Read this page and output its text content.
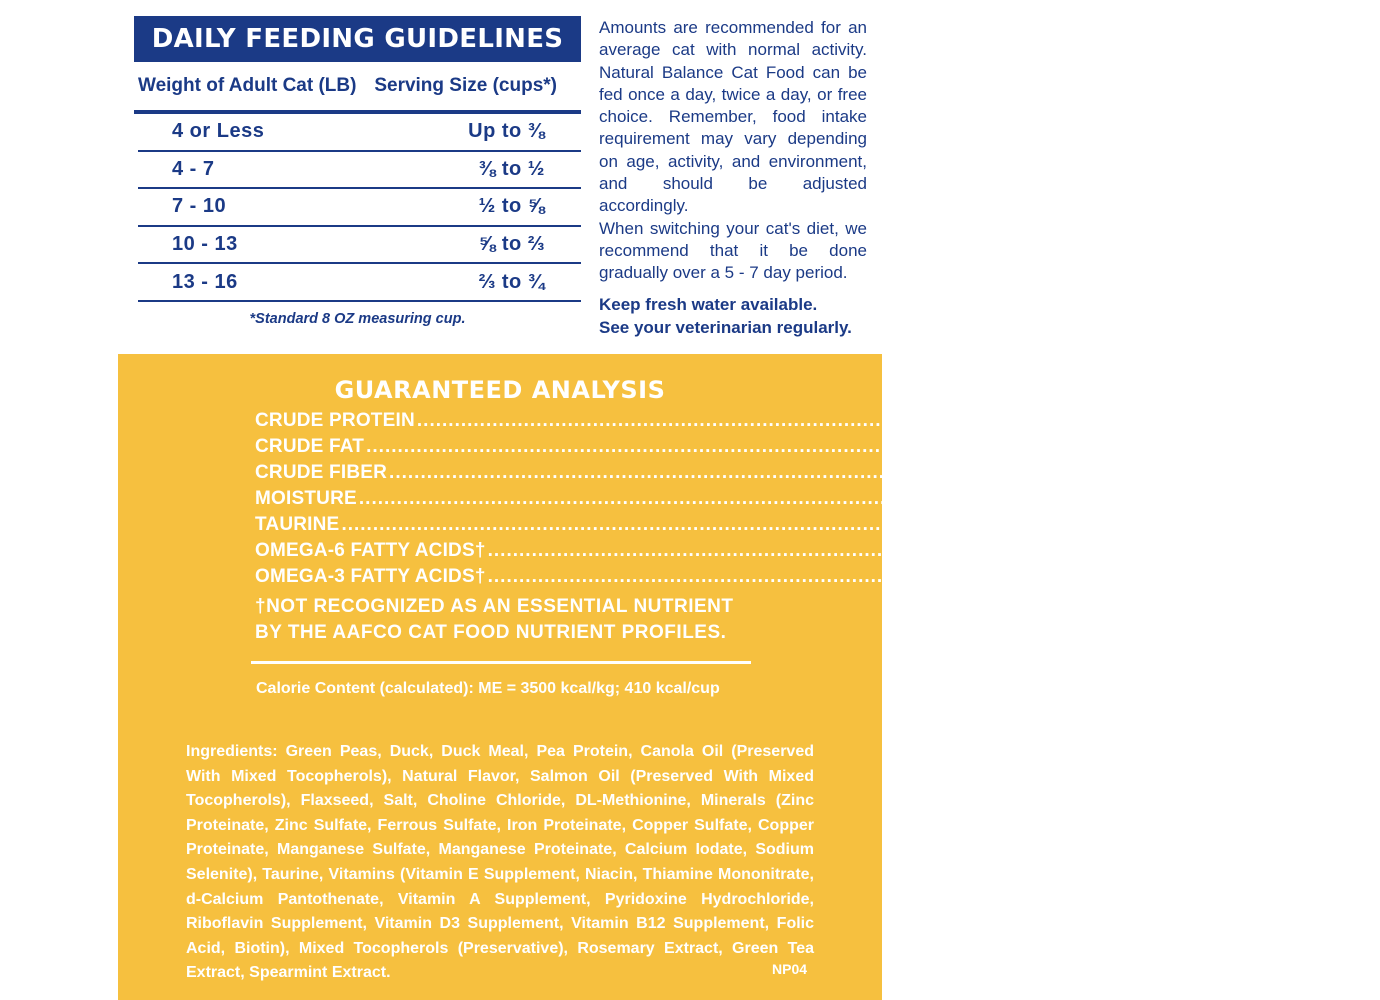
DAILY FEEDING GUIDELINES
Weight of Adult Cat (LB) Serving Size (cups*)
4 or Less	Up to ⅜
4 - 7	⅜ to ½
7 - 10	½ to ⅝
10 - 13	⅝ to ⅔
13 - 16	⅔ to ¾
*Standard 8 OZ measuring cup.

Amounts are recommended for an average cat with normal activity. Natural Balance Cat Food can be fed once a day, twice a day, or free choice. Remember, food intake requirement may vary depending on age, activity, and environment, and should be adjusted accordingly.

When switching your cat's diet, we recommend that it be done gradually over a 5 - 7 day period.

Keep fresh water available.

See your veterinarian regularly.

GUARANTEED ANALYSIS
CRUDE PROTEIN ........................................................................................................................ 29.5% MINIMUM
CRUDE FAT ........................................................................................................................ 11.5% MINIMUM
CRUDE FIBER ........................................................................................................................ 5.0% MAXIMUM
MOISTURE ........................................................................................................................ 10.0% MAXIMUM
TAURINE ........................................................................................................................ 0.16% MINIMUM
OMEGA-6 FATTY ACIDS† ........................................................................................................................ 1.5% MINIMUM
OMEGA-3 FATTY ACIDS† ........................................................................................................................ 0.5% MINIMUM
†NOT RECOGNIZED AS AN ESSENTIAL NUTRIENT BY THE AAFCO CAT FOOD NUTRIENT PROFILES.
Calorie Content (calculated): ME = 3500 kcal/kg; 410 kcal/cup
Ingredients: Green Peas, Duck, Duck Meal, Pea Protein, Canola Oil (Preserved With Mixed Tocopherols), Natural Flavor, Salmon Oil (Preserved With Mixed Tocopherols), Flaxseed, Salt, Choline Chloride, DL-Methionine, Minerals (Zinc Proteinate, Zinc Sulfate, Ferrous Sulfate, Iron Proteinate, Copper Sulfate, Copper Proteinate, Manganese Sulfate, Manganese Proteinate, Calcium Iodate, Sodium Selenite), Taurine, Vitamins (Vitamin E Supplement, Niacin, Thiamine Mononitrate, d-Calcium Pantothenate, Vitamin A Supplement, Pyridoxine Hydrochloride, Riboflavin Supplement, Vitamin D3 Supplement, Vitamin B12 Supplement, Folic Acid, Biotin), Mixed Tocopherols (Preservative), Rosemary Extract, Green Tea Extract, Spearmint Extract.	NP04
